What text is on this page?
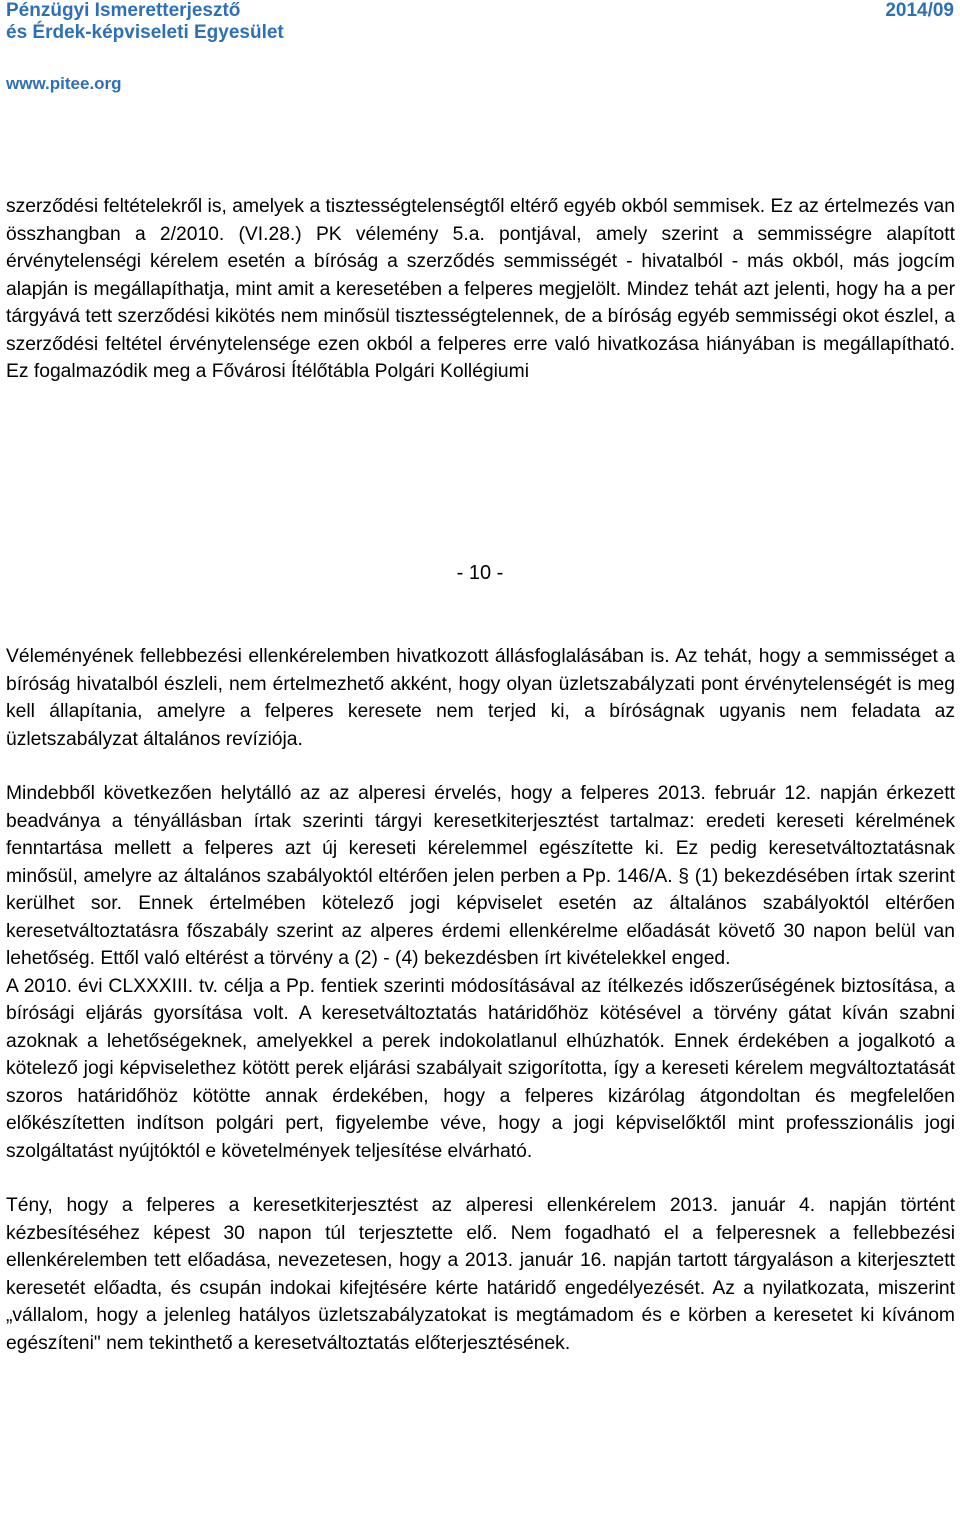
Pénzügyi Ismeretterjesztő
és Érdek-képviseleti Egyesület
2014/09
www.pitee.org

szerződési feltételekről is, amelyek a tisztességtelenségtől eltérő egyéb okból semmisek. Ez az értelmezés van összhangban a 2/2010. (VI.28.) PK vélemény 5.a. pontjával, amely szerint a semmisségre alapított érvénytelenségi kérelem esetén a bíróság a szerződés semmisségét - hivatalból - más okból, más jogcím alapján is megállapíthatja, mint amit a keresetében a felperes megjelölt. Mindez tehát azt jelenti, hogy ha a per tárgyává tett szerződési kikötés nem minősül tisztességtelennek, de a bíróság egyéb semmisségi okot észlel, a szerződési feltétel érvénytelensége ezen okból a felperes erre való hivatkozása hiányában is megállapítható. Ez fogalmazódik meg a Fővárosi Ítélőtábla Polgári Kollégiumi

- 10 -

Véleményének fellebbezési ellenkérelemben hivatkozott állásfoglalásában is. Az tehát, hogy a semmisséget a bíróság hivatalból észleli, nem értelmezhető akként, hogy olyan üzletszabályzati pont érvénytelenségét is meg kell állapítania, amelyre a felperes keresete nem terjed ki, a bíróságnak ugyanis nem feladata az üzletszabályzat általános revíziója.

Mindebből következően helytálló az az alperesi érvelés, hogy a felperes 2013. február 12. napján érkezett beadványa a tényállásban írtak szerinti tárgyi keresetkiterjesztést tartalmaz: eredeti kereseti kérelmének fenntartása mellett a felperes azt új kereseti kérelemmel egészítette ki. Ez pedig keresetváltoztatásnak minősül, amelyre az általános szabályoktól eltérően jelen perben a Pp. 146/A. § (1) bekezdésében írtak szerint kerülhet sor. Ennek értelmében kötelező jogi képviselet esetén az általános szabályoktól eltérően keresetváltoztatásra főszabály szerint az alperes érdemi ellenkérelme előadását követő 30 napon belül van lehetőség. Ettől való eltérést a törvény a (2) - (4) bekezdésben írt kivételekkel enged.

A 2010. évi CLXXXIII. tv. célja a Pp. fentiek szerinti módosításával az ítélkezés időszerűségének biztosítása, a bírósági eljárás gyorsítása volt. A keresetváltoztatás határidőhöz kötésével a törvény gátat kíván szabni azoknak a lehetőségeknek, amelyekkel a perek indokolatlanul elhúzhatók. Ennek érdekében a jogalkotó a kötelező jogi képviselethez kötött perek eljárási szabályait szigorította, így a kereseti kérelem megváltoztatását szoros határidőhöz kötötte annak érdekében, hogy a felperes kizárólag átgondoltan és megfelelően előkészítetten indítson polgári pert, figyelembe véve, hogy a jogi képviselőktől mint professzionális jogi szolgáltatást nyújtóktól e követelmények teljesítése elvárható.

Tény, hogy a felperes a keresetkiterjesztést az alperesi ellenkérelem 2013. január 4. napján történt kézbesítéséhez képest 30 napon túl terjesztette elő. Nem fogadható el a felperesnek a fellebbezési ellenkérelemben tett előadása, nevezetesen, hogy a 2013. január 16. napján tartott tárgyaláson a kiterjesztett keresetét előadta, és csupán indokai kifejtésére kérte határidő engedélyezését. Az a nyilatkozata, miszerint „vállalom, hogy a jelenleg hatályos üzletszabályzatokat is megtámadom és e körben a keresetet ki kívánom egészíteni" nem tekinthető a keresetváltoztatás előterjesztésének.
